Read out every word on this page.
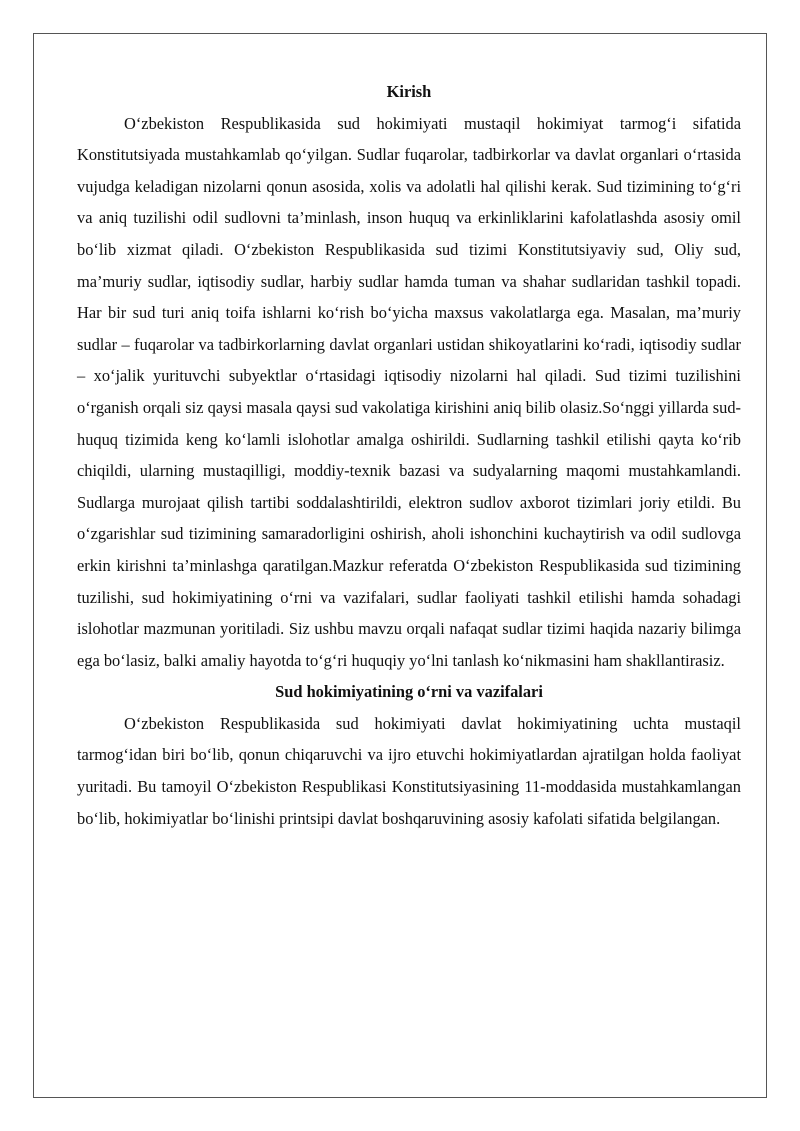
Kirish

O‘zbekiston Respublikasida sud hokimiyati mustaqil hokimiyat tarmog‘i sifatida Konstitutsiyada mustahkamlab qo‘yilgan. Sudlar fuqarolar, tadbirkorlar va davlat organlari o‘rtasida vujudga keladigan nizolarni qonun asosida, xolis va adolatli hal qilishi kerak. Sud tizimining to‘g‘ri va aniq tuzilishi odil sudlovni ta’minlash, inson huquq va erkinliklarini kafolatlashda asosiy omil bo‘lib xizmat qiladi. O‘zbekiston Respublikasida sud tizimi Konstitutsiyaviy sud, Oliy sud, ma’muriy sudlar, iqtisodiy sudlar, harbiy sudlar hamda tuman va shahar sudlaridan tashkil topadi. Har bir sud turi aniq toifa ishlarni ko‘rish bo‘yicha maxsus vakolatlarga ega. Masalan, ma’muriy sudlar – fuqarolar va tadbirkorlarning davlat organlari ustidan shikoyatlarini ko‘radi, iqtisodiy sudlar – xo‘jalik yurituvchi subyektlar o‘rtasidagi iqtisodiy nizolarni hal qiladi. Sud tizimi tuzilishini o‘rganish orqali siz qaysi masala qaysi sud vakolatiga kirishini aniq bilib olasiz.So‘nggi yillarda sud-huquq tizimida keng ko‘lamli islohotlar amalga oshirildi. Sudlarning tashkil etilishi qayta ko‘rib chiqildi, ularning mustaqilligi, moddiy-texnik bazasi va sudyalarning maqomi mustahkamlandi. Sudlarga murojaat qilish tartibi soddalashtirildi, elektron sudlov axborot tizimlari joriy etildi. Bu o‘zgarishlar sud tizimining samaradorligini oshirish, aholi ishonchini kuchaytirish va odil sudlovga erkin kirishni ta’minlashga qaratilgan.Mazkur referatda O‘zbekiston Respublikasida sud tizimining tuzilishi, sud hokimiyatining o‘rni va vazifalari, sudlar faoliyati tashkil etilishi hamda sohadagi islohotlar mazmunan yoritiladi. Siz ushbu mavzu orqali nafaqat sudlar tizimi haqida nazariy bilimga ega bo‘lasiz, balki amaliy hayotda to‘g‘ri huquqiy yo‘lni tanlash ko‘nikmasini ham shakllantirasiz.

Sud hokimiyatining o‘rni va vazifalari

O‘zbekiston Respublikasida sud hokimiyati davlat hokimiyatining uchta mustaqil tarmog‘idan biri bo‘lib, qonun chiqaruvchi va ijro etuvchi hokimiyatlardan ajratilgan holda faoliyat yuritadi. Bu tamoyil O‘zbekiston Respublikasi Konstitutsiyasining 11-moddasida mustahkamlangan bo‘lib, hokimiyatlar bo‘linishi printsipi davlat boshqaruvining asosiy kafolati sifatida belgilangan.
